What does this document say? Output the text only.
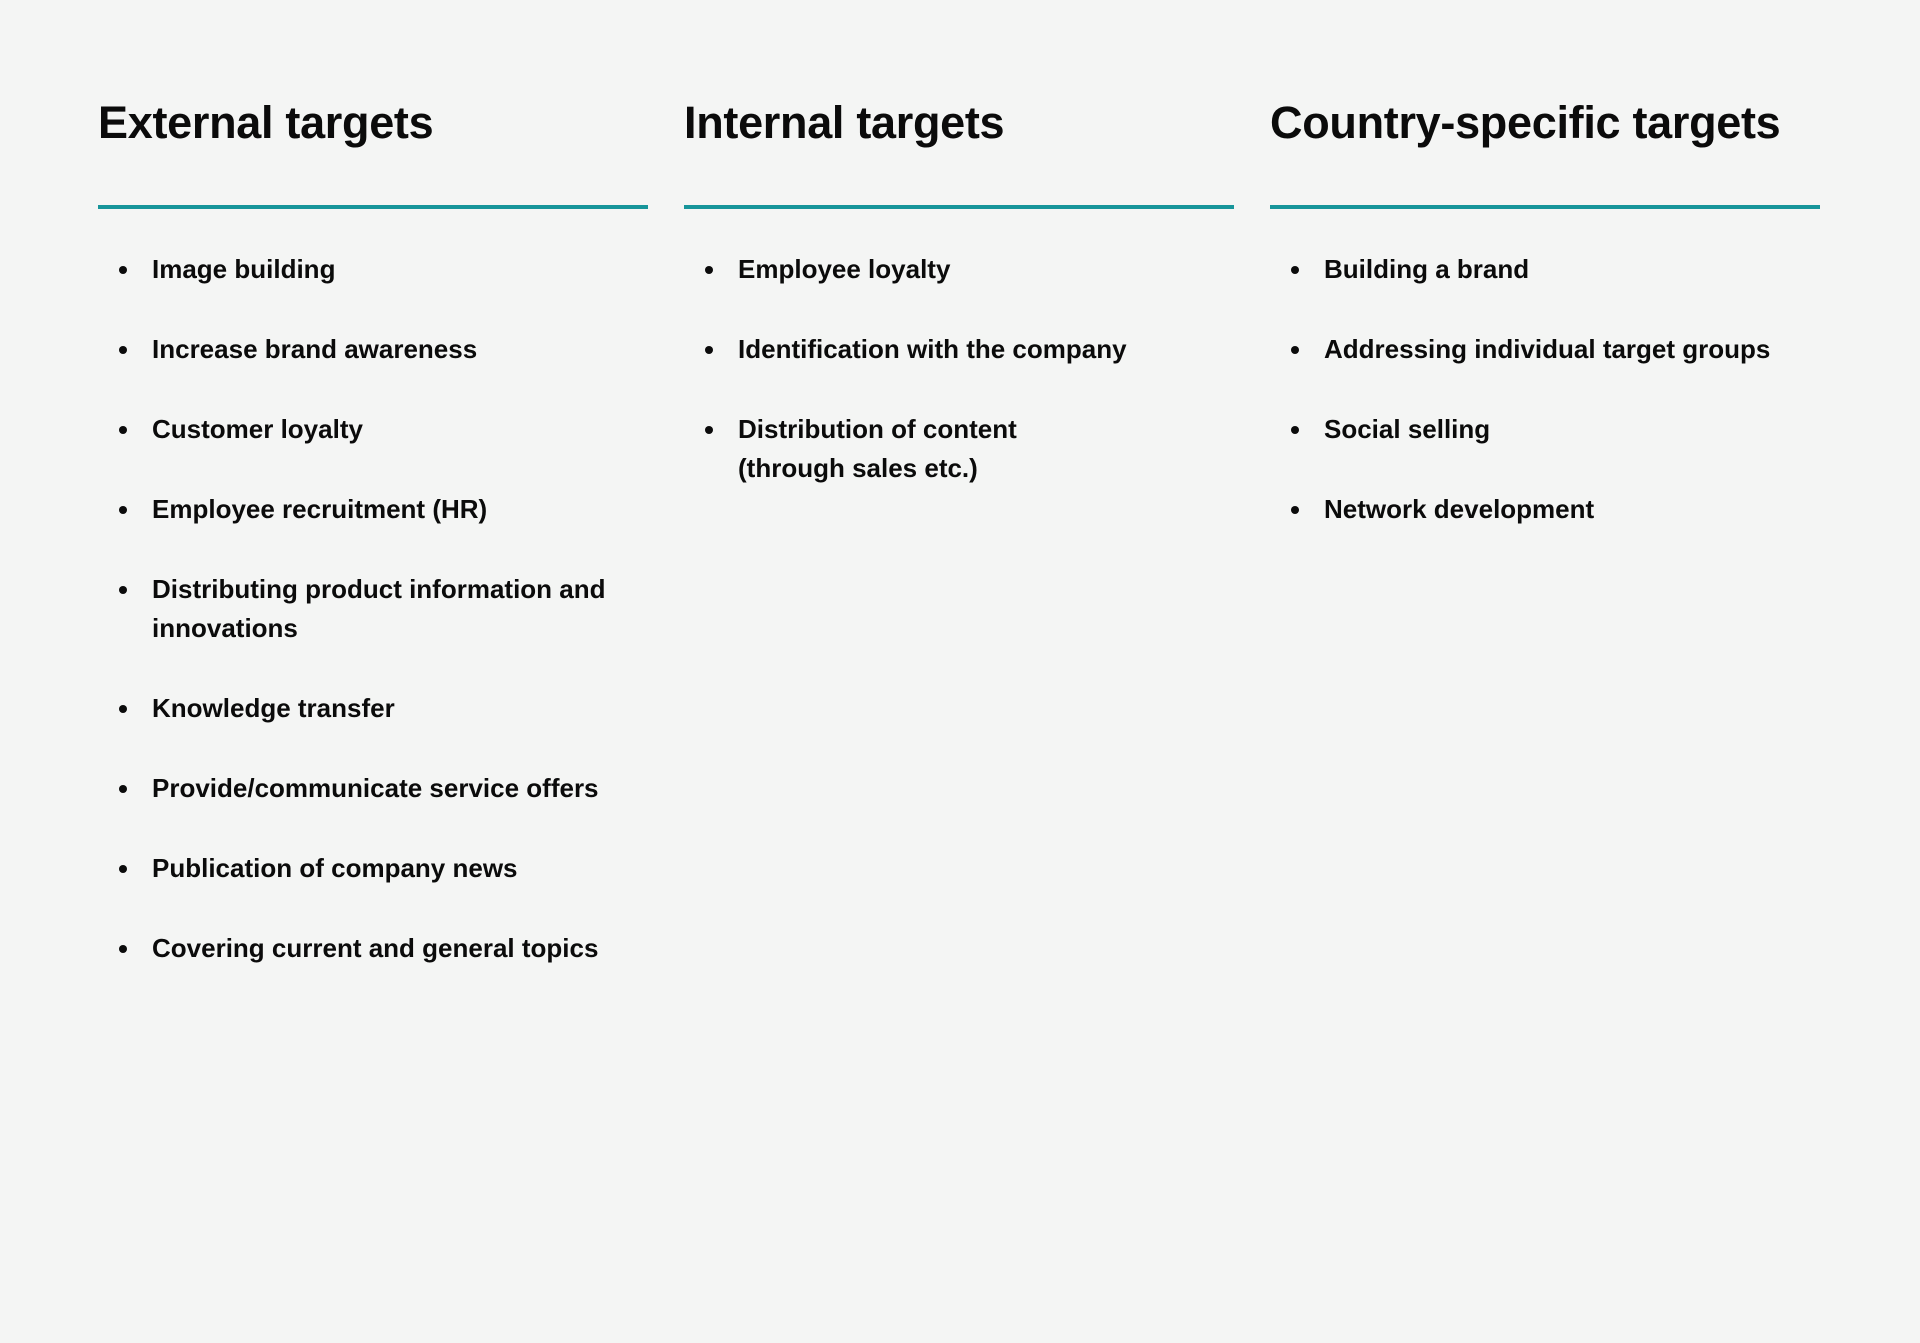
External targets
Image building
Increase brand awareness
Customer loyalty
Employee recruitment (HR)
Distributing product information and
innovations
Knowledge transfer
Provide/communicate service offers
Publication of company news
Covering current and general topics
Internal targets
Employee loyalty
Identification with the company
Distribution of content
(through sales etc.)
Country-specific targets
Building a brand
Addressing individual target groups
Social selling
Network development
